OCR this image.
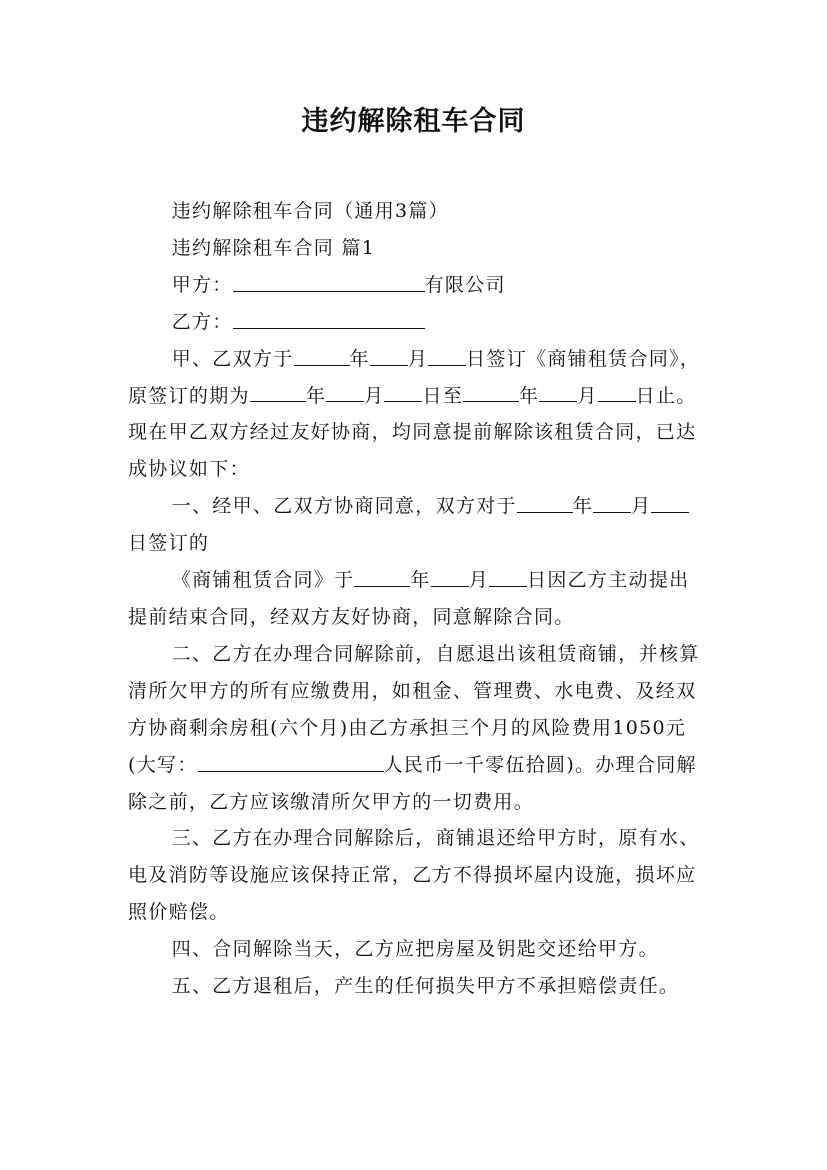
违约解除租车合同

违约解除租车合同（通用3篇）

违约解除租车合同 篇1

甲方：	有限公司

乙方：

甲、乙双方于	年 月 日签订《商铺租赁合同》，原签订的期为	年 月 日至	年 月 日止。现在甲乙双方经过友好协商，均同意提前解除该租赁合同，已达成协议如下：

一、经甲、乙双方协商同意，双方对于	年 月日签订的

《商铺租赁合同》于	年 月 日因乙方主动提出提前结束合同，经双方友好协商，同意解除合同。

二、乙方在办理合同解除前，自愿退出该租赁商铺，并核算清所欠甲方的所有应缴费用，如租金、管理费、水电费、及经双方协商剩余房租(六个月)由乙方承担三个月的风险费用1050元(大写：	人民币一千零伍拾圆)。办理合同解除之前，乙方应该缴清所欠甲方的一切费用。

三、乙方在办理合同解除后，商铺退还给甲方时，原有水、电及消防等设施应该保持正常，乙方不得损坏屋内设施，损坏应照价赔偿。

四、合同解除当天，乙方应把房屋及钥匙交还给甲方。

五、乙方退租后，产生的任何损失甲方不承担赔偿责任。
